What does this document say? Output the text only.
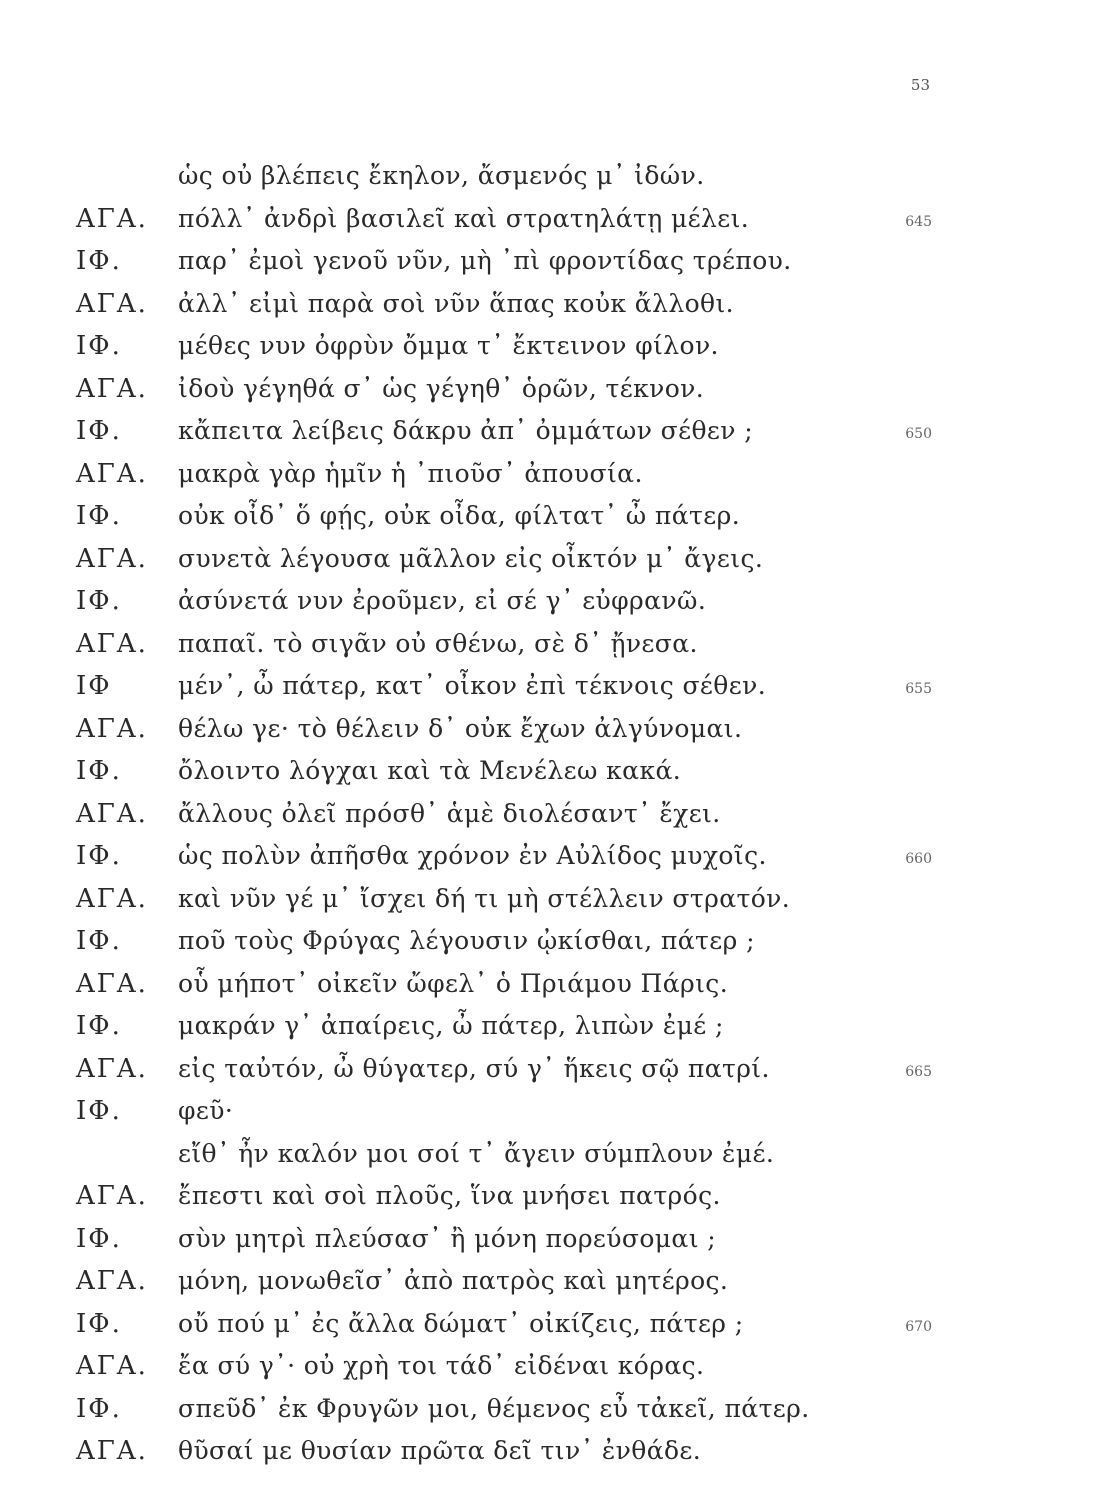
53
ὡς οὐ βλέπεις ἔκηλον, ἄσμενός μ᾽ ἰδών.
ΑΓΑ. πόλλ᾽ ἀνδρὶ βασιλεῖ καὶ στρατηλάτῃ μέλει.	645
ΙΦ. παρ᾽ ἐμοὶ γενοῦ νῦν, μὴ ᾽πὶ φροντίδας τρέπου.
ΑΓΑ. ἀλλ᾽ εἰμὶ παρὰ σοὶ νῦν ἅπας κοὐκ ἄλλοθι.
ΙΦ. μέθες νυν ὀφρὺν ὄμμα τ᾽ ἔκτεινον φίλον.
ΑΓΑ. ἰδοὺ γέγηθά σ᾽ ὡς γέγηθ᾽ ὁρῶν, τέκνον.
ΙΦ. κἄπειτα λείβεις δάκρυ ἀπ᾽ ὀμμάτων σέθεν ;	650
ΑΓΑ. μακρὰ γὰρ ἡμῖν ἡ ᾽πιοῦσ᾽ ἀπουσία.
ΙΦ. οὐκ οἶδ᾽ ὅ φῄς, οὐκ οἶδα, φίλτατ᾽ ὦ πάτερ.
ΑΓΑ. συνετὰ λέγουσα μᾶλλον εἰς οἶκτόν μ᾽ ἄγεις.
ΙΦ. ἀσύνετά νυν ἐροῦμεν, εἰ σέ γ᾽ εὐφρανῶ.
ΑΓΑ. παπαῖ. τὸ σιγᾶν οὐ σθένω, σὲ δ᾽ ᾔνεσα.
ΙΦ	μέν᾽, ὦ πάτερ, κατ᾽ οἶκον ἐπὶ τέκνοις σέθεν.	655
ΑΓΑ. θέλω γε· τὸ θέλειν δ᾽ οὐκ ἔχων ἀλγύνομαι.
ΙΦ. ὄλοιντο λόγχαι καὶ τὰ Μενέλεω κακά.
ΑΓΑ. ἄλλους ὀλεῖ πρόσθ᾽ ἁμὲ διολέσαντ᾽ ἔχει.
ΙΦ. ὡς πολὺν ἀπῆσθα χρόνον ἐν Αὐλίδος μυχοῖς.	660
ΑΓΑ. καὶ νῦν γέ μ᾽ ἴσχει δή τι μὴ στέλλειν στρατόν.
ΙΦ. ποῦ τοὺς Φρύγας λέγουσιν ᾠκίσθαι, πάτερ ;
ΑΓΑ. οὗ μήποτ᾽ οἰκεῖν ὤφελ᾽ ὁ Πριάμου Πάρις.
ΙΦ. μακράν γ᾽ ἀπαίρεις, ὦ πάτερ, λιπὼν ἐμέ ;
ΑΓΑ. εἰς ταὐτόν, ὦ θύγατερ, σύ γ᾽ ἥκεις σῷ πατρί.	665
ΙΦ. φεῦ·
εἴθ᾽ ἦν καλόν μοι σοί τ᾽ ἄγειν σύμπλουν ἐμέ.
ΑΓΑ. ἔπεστι καὶ σοὶ πλοῦς, ἵνα μνήσει πατρός.
ΙΦ. σὺν μητρὶ πλεύσασ᾽ ἢ μόνη πορεύσομαι ;
ΑΓΑ. μόνη, μονωθεῖσ᾽ ἀπὸ πατρὸς καὶ μητέρος.
ΙΦ. οὔ πού μ᾽ ἐς ἄλλα δώματ᾽ οἰκίζεις, πάτερ ;	670
ΑΓΑ. ἔα σύ γ᾽· οὐ χρὴ τοι τάδ᾽ εἰδέναι κόρας.
ΙΦ. σπεῦδ᾽ ἐκ Φρυγῶν μοι, θέμενος εὖ τἀκεῖ, πάτερ.
ΑΓΑ. θῦσαί με θυσίαν πρῶτα δεῖ τιν᾽ ἐνθάδε.
